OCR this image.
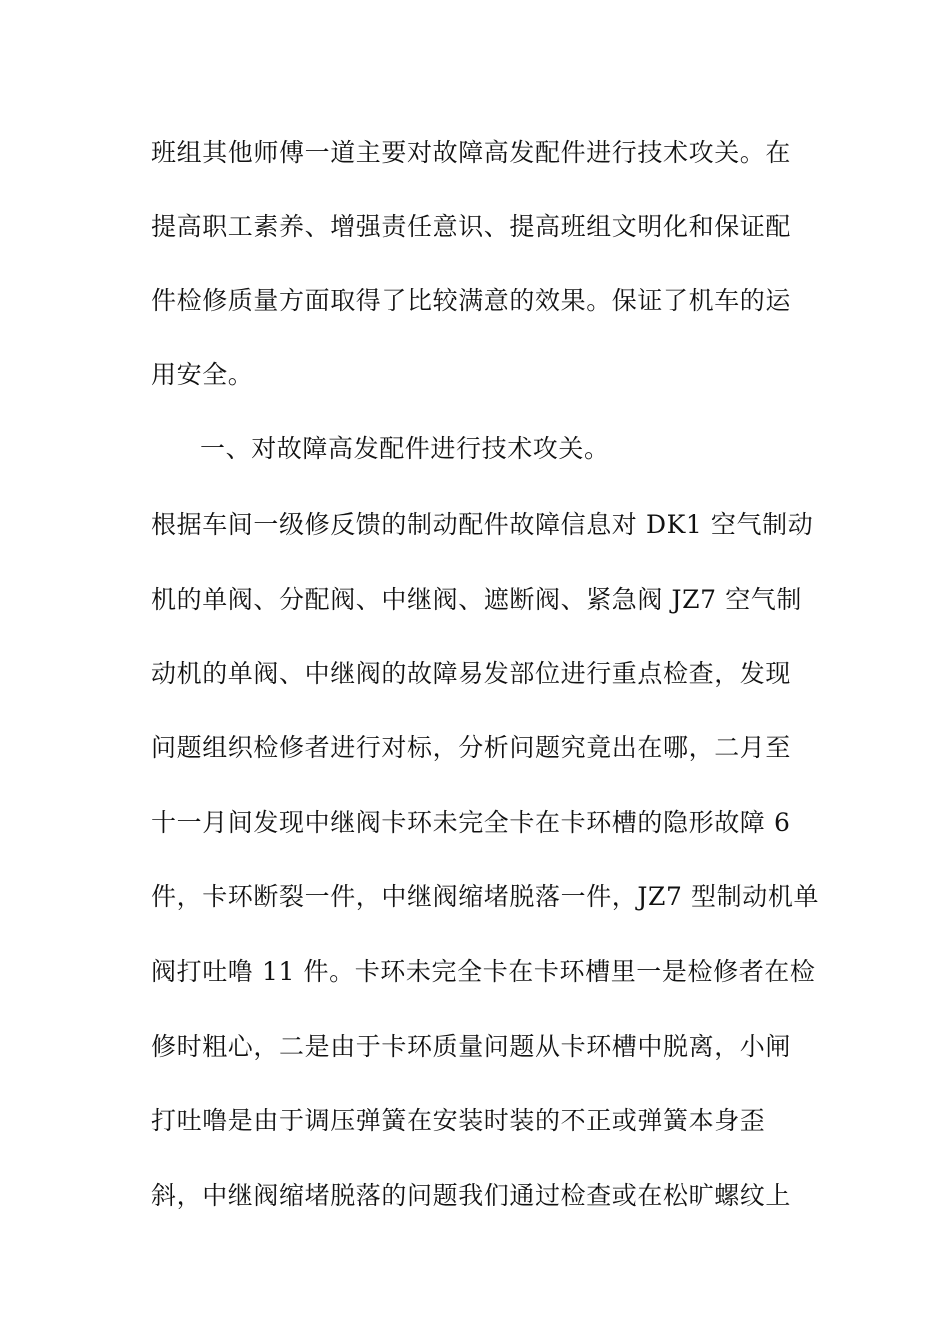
班组其他师傅一道主要对故障高发配件进行技术攻关。在
提高职工素养、增强责任意识、提高班组文明化和保证配
件检修质量方面取得了比较满意的效果。保证了机车的运
用安全。
一、对故障高发配件进行技术攻关。
根据车间一级修反馈的制动配件故障信息对 DK1 空气制动
机的单阀、分配阀、中继阀、遮断阀、紧急阀 JZ7 空气制
动机的单阀、中继阀的故障易发部位进行重点检查，发现
问题组织检修者进行对标，分析问题究竟出在哪，二月至
十一月间发现中继阀卡环未完全卡在卡环槽的隐形故障 6
件，卡环断裂一件，中继阀缩堵脱落一件，JZ7 型制动机单
阀打吐噜 11 件。卡环未完全卡在卡环槽里一是检修者在检
修时粗心，二是由于卡环质量问题从卡环槽中脱离，小闸
打吐噜是由于调压弹簧在安装时装的不正或弹簧本身歪
斜，中继阀缩堵脱落的问题我们通过检查或在松旷螺纹上
